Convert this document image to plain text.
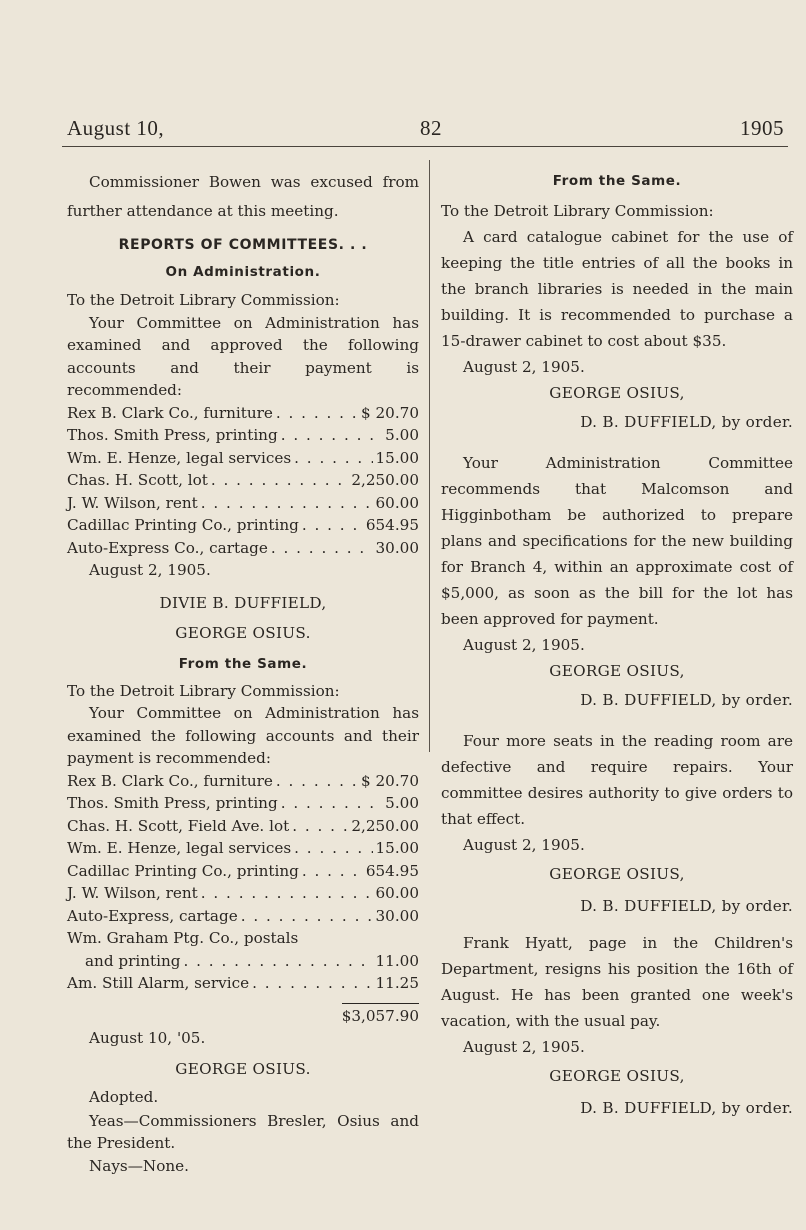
August 10,	82	1905

Commissioner Bowen was excused from further attendance at this meeting.

REPORTS OF COMMITTEES. . .
On Administration.

To the Detroit Library Commission:

Your Committee on Administration has examined and approved the following accounts and their payment is recommended:

Rex B. Clark Co., furniture . . .	$ 20.70
Thos. Smith Press, printing . . .	5.00
Wm. E. Henze, legal services . . .	15.00
Chas. H. Scott, lot . . .	2,250.00
J. W. Wilson, rent . . .	60.00
Cadillac Printing Co., printing . . .	654.95
Auto-Express Co., cartage . . .	30.00
August 2, 1905.
DIVIE B. DUFFIELD,
GEORGE OSIUS.
From the Same.

To the Detroit Library Commission:

Your Committee on Administration has examined the following accounts and their payment is recommended:

Rex B. Clark Co., furniture . . .	$ 20.70
Thos. Smith Press, printing . . .	5.00
Chas. H. Scott, Field Ave. lot . . .	2,250.00
Wm. E. Henze, legal services . . .	15.00
Cadillac Printing Co., printing . . .	654.95
J. W. Wilson, rent . . .	60.00
Auto-Express, cartage . . .	30.00
Wm. Graham Ptg. Co., postals
and printing . . .	11.00
Am. Still Alarm, service . . .	11.25
$3,057.90
August 10, '05.
GEORGE OSIUS.
Adopted.

Yeas—Commissioners Bresler, Osius and the President.

Nays—None.
From the Same.

To the Detroit Library Commission:

A card catalogue cabinet for the use of keeping the title entries of all the books in the branch libraries is needed in the main building. It is recommended to purchase a 15-drawer cabinet to cost about $35.

August 2, 1905.
GEORGE OSIUS,
D. B. DUFFIELD, by order.

Your Administration Committee recommends that Malcomson and Higginbotham be authorized to prepare plans and specifications for the new building for Branch 4, within an approximate cost of $5,000, as soon as the bill for the lot has been approved for payment.

August 2, 1905.
GEORGE OSIUS,
D. B. DUFFIELD, by order.

Four more seats in the reading room are defective and require repairs. Your committee desires authority to give orders to that effect.

August 2, 1905.
GEORGE OSIUS,
D. B. DUFFIELD, by order.

Frank Hyatt, page in the Children's Department, resigns his position the 16th of August. He has been granted one week's vacation, with the usual pay.

August 2, 1905.
GEORGE OSIUS,
D. B. DUFFIELD, by order.
